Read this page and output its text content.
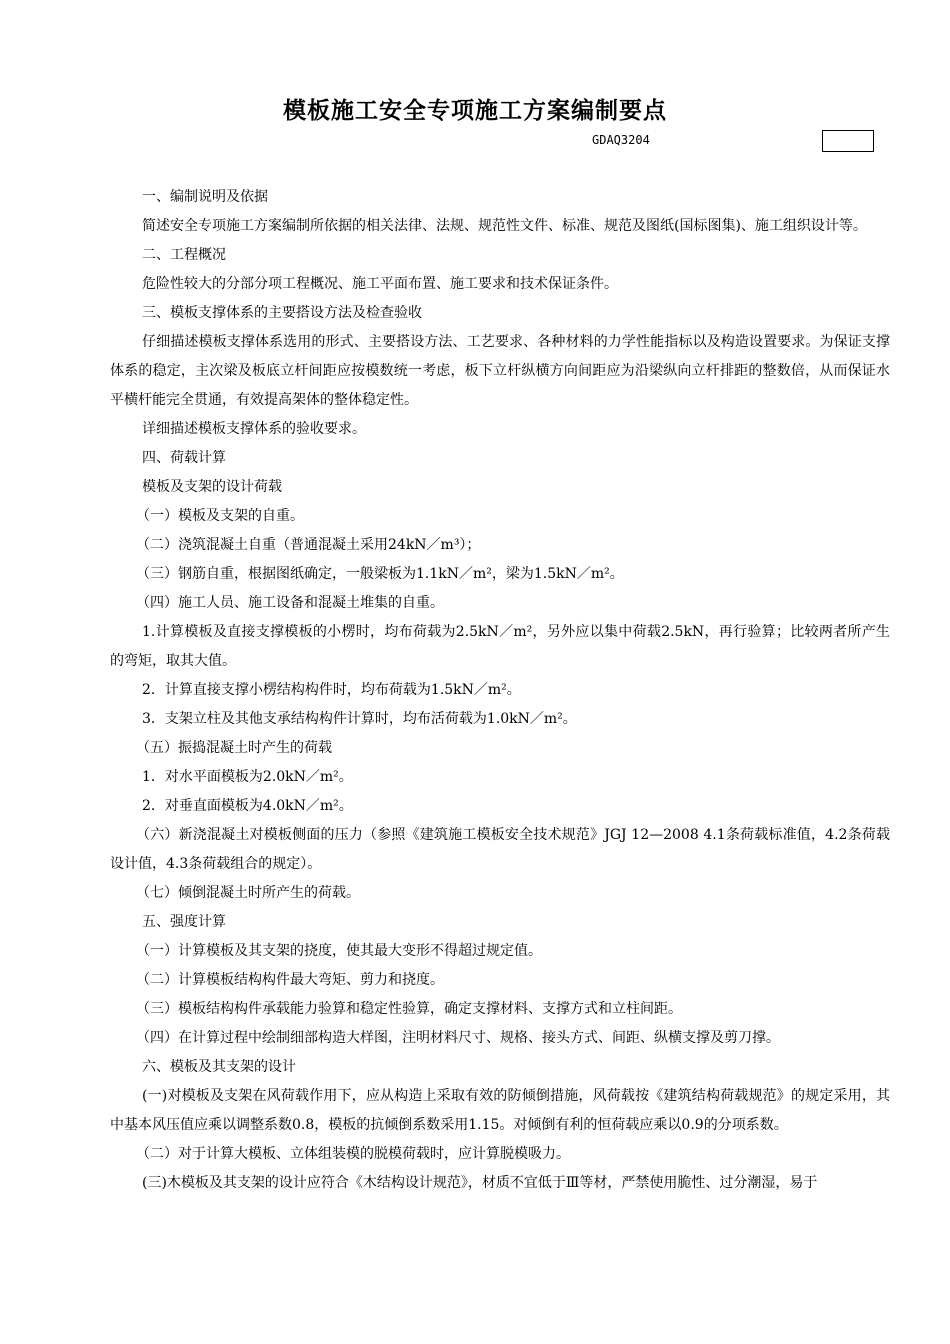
模板施工安全专项施工方案编制要点
GDAQ3204

一、编制说明及依据

简述安全专项施工方案编制所依据的相关法律、法规、规范性文件、标准、规范及图纸(国标图集)、施工组织设计等。

二、工程概况

危险性较大的分部分项工程概况、施工平面布置、施工要求和技术保证条件。

三、模板支撑体系的主要搭设方法及检查验收

仔细描述模板支撑体系选用的形式、主要搭设方法、工艺要求、各种材料的力学性能指标以及构造设置要求。为保证支撑体系的稳定，主次梁及板底立杆间距应按模数统一考虑，板下立杆纵横方向间距应为沿梁纵向立杆排距的整数倍，从而保证水平横杆能完全贯通，有效提高架体的整体稳定性。

详细描述模板支撑体系的验收要求。

四、荷载计算

模板及支架的设计荷载

（一）模板及支架的自重。

（二）浇筑混凝土自重（普通混凝土采用24kN／m³）；

（三）钢筋自重，根据图纸确定，一般梁板为1.1kN／m²，梁为1.5kN／m²。

（四）施工人员、施工设备和混凝土堆集的自重。

1.计算模板及直接支撑模板的小楞时，均布荷载为2.5kN／m²，另外应以集中荷载2.5kN，再行验算；比较两者所产生的弯矩，取其大值。

2．计算直接支撑小楞结构构件时，均布荷载为1.5kN／m²。

3．支架立柱及其他支承结构构件计算时，均布活荷载为1.0kN／m²。

（五）振捣混凝土时产生的荷载

1．对水平面模板为2.0kN／m²。

2．对垂直面模板为4.0kN／m²。

（六）新浇混凝土对模板侧面的压力（参照《建筑施工模板安全技术规范》JGJ 12—2008 4.1条荷载标准值，4.2条荷载设计值，4.3条荷载组合的规定）。

（七）倾倒混凝土时所产生的荷载。

五、强度计算

（一）计算模板及其支架的挠度，使其最大变形不得超过规定值。

（二）计算模板结构构件最大弯矩、剪力和挠度。

（三）模板结构构件承载能力验算和稳定性验算，确定支撑材料、支撑方式和立柱间距。

（四）在计算过程中绘制细部构造大样图，注明材料尺寸、规格、接头方式、间距、纵横支撑及剪刀撑。

六、模板及其支架的设计

(一)对模板及支架在风荷载作用下，应从构造上采取有效的防倾倒措施，风荷载按《建筑结构荷载规范》的规定采用，其中基本风压值应乘以调整系数0.8，模板的抗倾倒系数采用1.15。对倾倒有利的恒荷载应乘以0.9的分项系数。

（二）对于计算大模板、立体组装模的脱模荷载时，应计算脱模吸力。

(三)木模板及其支架的设计应符合《木结构设计规范》，材质不宜低于Ⅲ等材，严禁使用脆性、过分潮湿，易于
